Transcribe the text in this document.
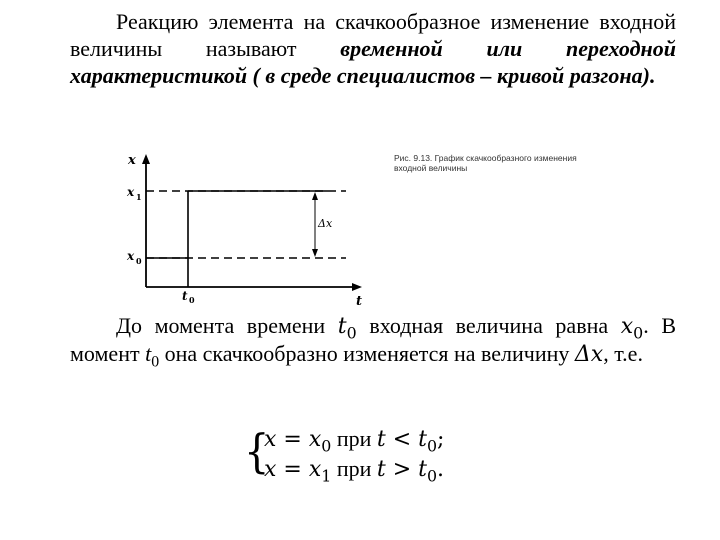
Реакцию элемента на скачкообразное изменение входной величины называют временной или переходной характеристикой ( в среде специалистов – кривой разгона).

x
t
x 1
x 0
t 0
Δx
Рис. 9.13. График скачкообразного изменения входной величины

До момента времени $t_0$ входная величина равна $x_0$. В момент $t_0$ она скачкообразно изменяется на величину Δx, т.е.

{
$x = x_0$ при $t < t_0$;
$x = x_1$ при $t > t_0$.
